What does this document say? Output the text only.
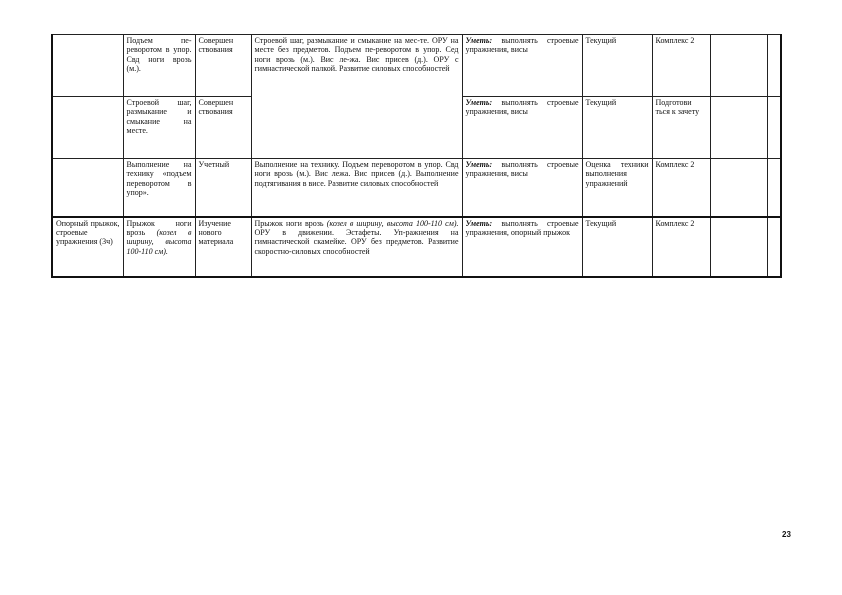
	Подъем пе-реворотом в упор. Свд ноги врозь (м.).	Совершен ствования	Строевой шаг, размыкание и смыкание на мес-те. ОРУ на месте без предметов. Подъем пе-реворотом в упор. Сед ноги врозь (м.). Вис ле-жа. Вис присев (д.). ОРУ с гимнастической палкой. Развитие силовых способностей	Уметь: выполнять строевые упражнения, висы	Текущий	Комплекс 2		
	Строевой шаг, размыкание и смыкание на месте.	Совершен ствования		Уметь: выполнять строевые упражнения, висы	Текущий	Подготови ться к зачету		
	Выполнение на технику «подъем переворотом в упор».	Учетный	Выполнение на технику. Подъем переворотом в упор. Свд ноги врозь (м.). Вис лежа. Вис присев (д.). Выполнение подтягивания в висе. Развитие силовых способностей	Уметь: выполнять строевые упражнения, висы	Оценка техники выполнения упражнений	Комплекс 2		
Опорный прыжок, строевые упражнения (3ч)	Прыжок ноги врозь (козел в ширину, высота 100-110 см).	Изучение нового материала	Прыжок ноги врозь (козел в ширину, высота 100-110 см). ОРУ в движении. Эстафеты. Уп-ражнения на гимнастической скамейке. ОРУ без предметов. Развитие скоростно-силовых способностей	Уметь: выполнять строевые упражнения, опорный прыжок	Текущий	Комплекс 2		
23
